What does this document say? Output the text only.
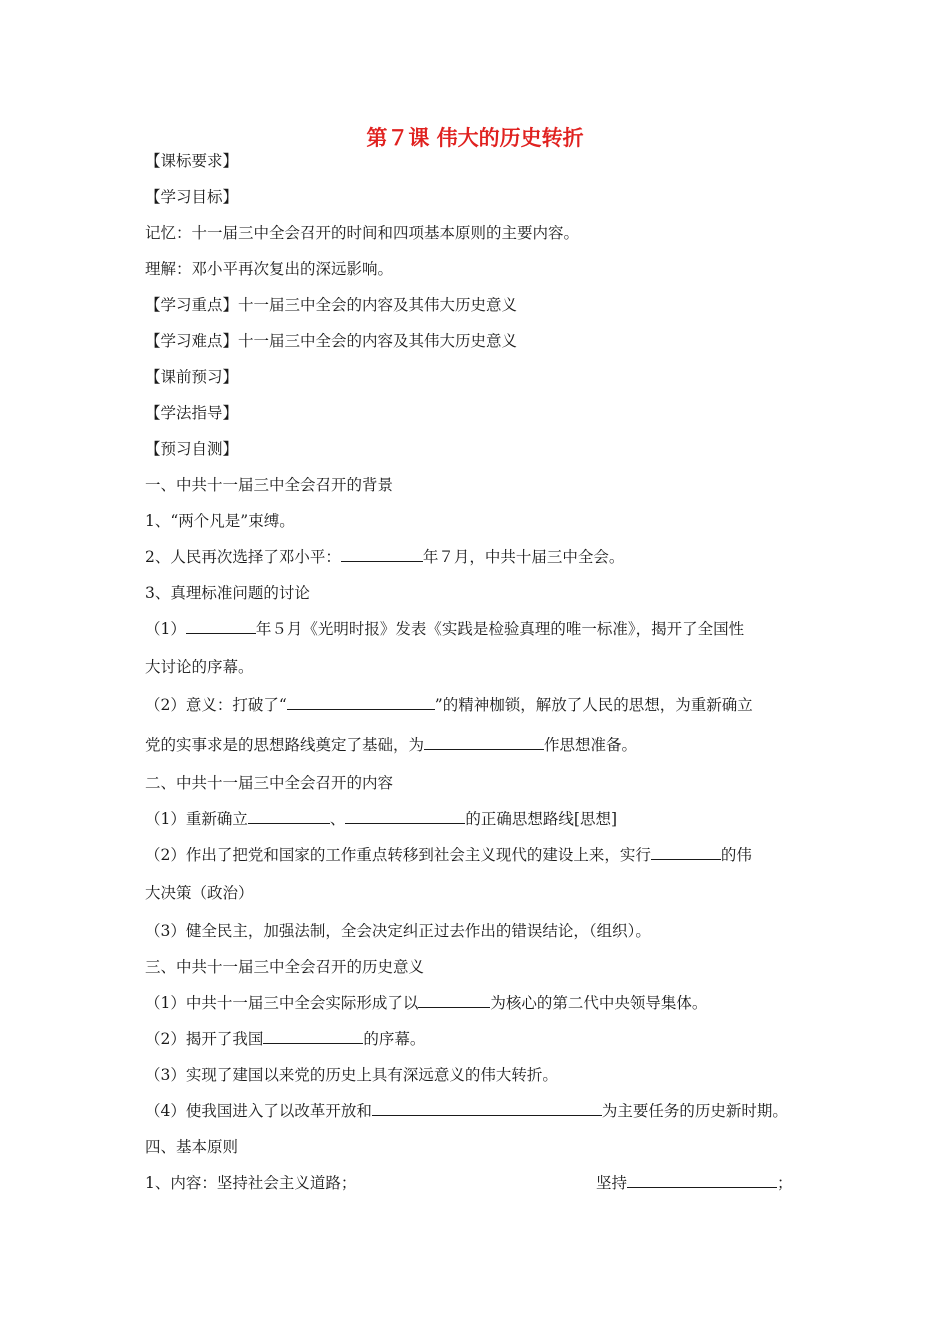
第７课 伟大的历史转折
【课标要求】
【学习目标】
记忆：十一届三中全会召开的时间和四项基本原则的主要内容。
理解：邓小平再次复出的深远影响。
【学习重点】十一届三中全会的内容及其伟大历史意义
【学习难点】十一届三中全会的内容及其伟大历史意义
【课前预习】
【学法指导】
【预习自测】
一、中共十一届三中全会召开的背景
1、“两个凡是”束缚。
2、人民再次选择了邓小平：	年７月，中共十届三中全会。
3、真理标准问题的讨论
（1）	年５月《光明时报》发表《实践是检验真理的唯一标准》，揭开了全国性
大讨论的序幕。
（2）意义：打破了“	”的精神枷锁，解放了人民的思想，为重新确立
党的实事求是的思想路线奠定了基础，为	作思想准备。
二、中共十一届三中全会召开的内容
（1）重新确立	、	的正确思想路线[思想]
（2）作出了把党和国家的工作重点转移到社会主义现代的建设上来，实行	的伟
大决策（政治）
（3）健全民主，加强法制，全会决定纠正过去作出的错误结论，（组织）。
三、中共十一届三中全会召开的历史意义
（1）中共十一届三中全会实际形成了以	为核心的第二代中央领导集体。
（2）揭开了我国	的序幕。
（3）实现了建国以来党的历史上具有深远意义的伟大转折。
（4）使我国进入了以改革开放和	为主要任务的历史新时期。
四、基本原则
1、内容：坚持社会主义道路；	坚持	；
